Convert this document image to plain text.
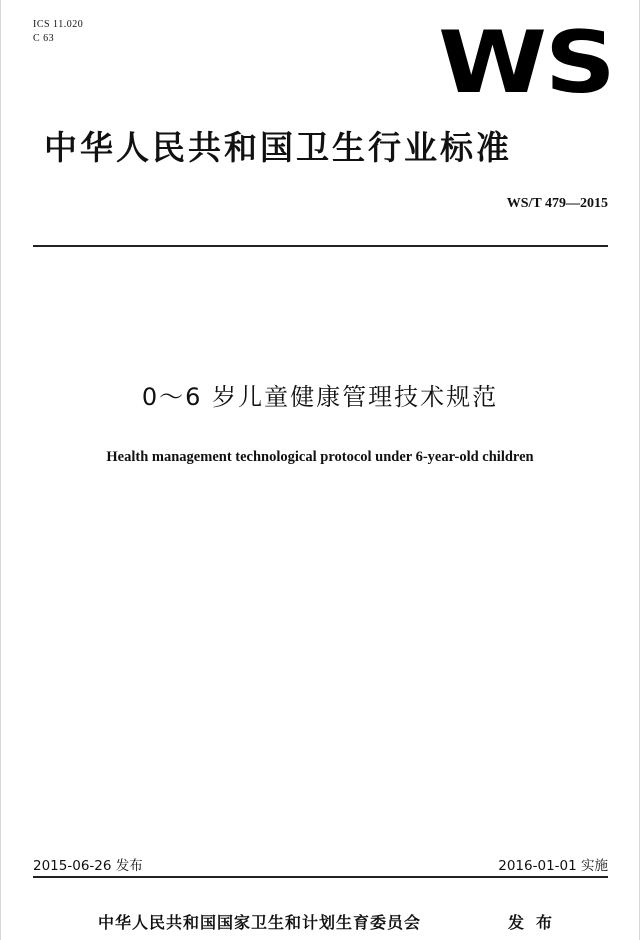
ICS 11.020
C 63	WS
中华人民共和国卫生行业标准
WS/T 479—2015
0～6 岁儿童健康管理技术规范
Health management technological protocol under 6-year-old children
2015-06-26 发布	2016-01-01 实施
中华人民共和国国家卫生和计划生育委员会	发布
